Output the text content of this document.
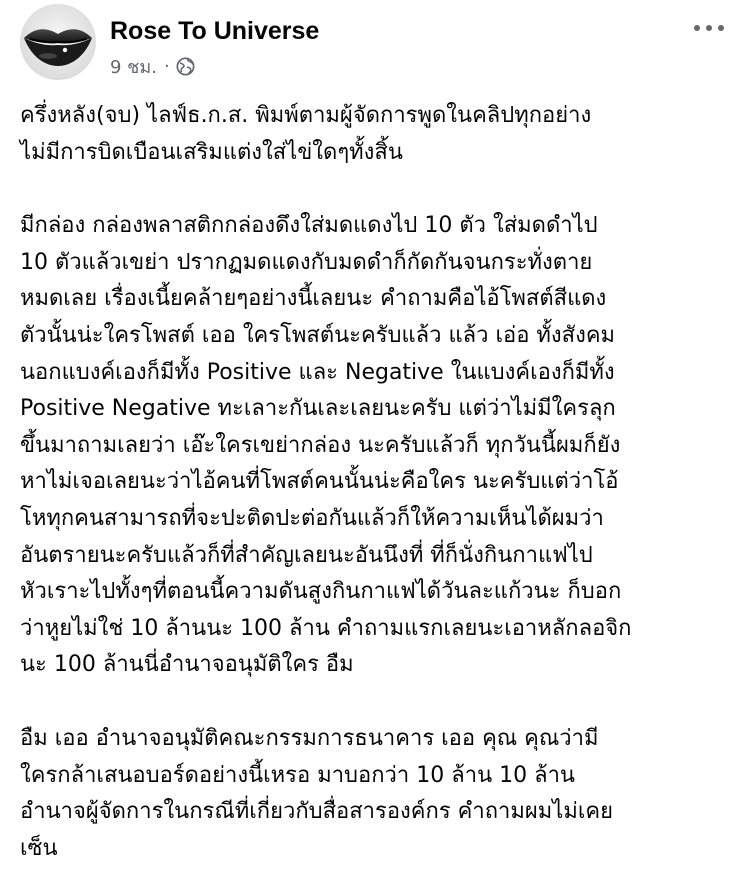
Rose To Universe
9 ชม. ·

ครึ่งหลัง(จบ) ไลฟ์ธ.ก.ส. พิมพ์ตามผู้จัดการพูดในคลิปทุกอย่าง
ไม่มีการบิดเบือนเสริมแต่งใส่ไข่ใดๆทั้งสิ้น

มีกล่อง กล่องพลาสติกกล่องดึงใส่มดแดงไป 10 ตัว ใส่มดดำไป
10 ตัวแล้วเขย่า ปรากฏมดแดงกับมดดำก็กัดกันจนกระทั่งตาย
หมดเลย เรื่องเนี้ยคล้ายๆอย่างนี้เลยนะ คำถามคือไอ้โพสต์สีแดง
ตัวนั้นน่ะใครโพสต์ เออ ใครโพสต์นะครับแล้ว แล้ว เอ่อ ทั้งสังคม
นอกแบงค์เองก็มีทั้ง Positive และ Negative ในแบงค์เองก็มีทั้ง
Positive Negative ทะเลาะกันเละเลยนะครับ แต่ว่าไม่มีใครลุก
ขึ้นมาถามเลยว่า เอ๊ะใครเขย่ากล่อง นะครับแล้วก็ ทุกวันนี้ผมก็ยัง
หาไม่เจอเลยนะว่าไอ้คนที่โพสต์คนนั้นน่ะคือใคร นะครับแต่ว่าโอ้
โหทุกคนสามารถที่จะปะติดปะต่อกันแล้วก็ให้ความเห็นได้ผมว่า
อันตรายนะครับแล้วก็ที่สำคัญเลยนะอันนึงที่ ที่ก็นั่งกินกาแฟไป
หัวเราะไปทั้งๆที่ตอนนี้ความดันสูงกินกาแฟได้วันละแก้วนะ ก็บอก
ว่าหูยไม่ใช่ 10 ล้านนะ 100 ล้าน คำถามแรกเลยนะเอาหลักลอจิก
นะ 100 ล้านนี่อำนาจอนุมัติใคร อืม

อืม เออ อำนาจอนุมัติคณะกรรมการธนาคาร เออ คุณ คุณว่ามี
ใครกล้าเสนอบอร์ดอย่างนี้เหรอ มาบอกว่า 10 ล้าน 10 ล้าน
อำนาจผู้จัดการในกรณีที่เกี่ยวกับสื่อสารองค์กร คำถามผมไม่เคย
เซ็น
